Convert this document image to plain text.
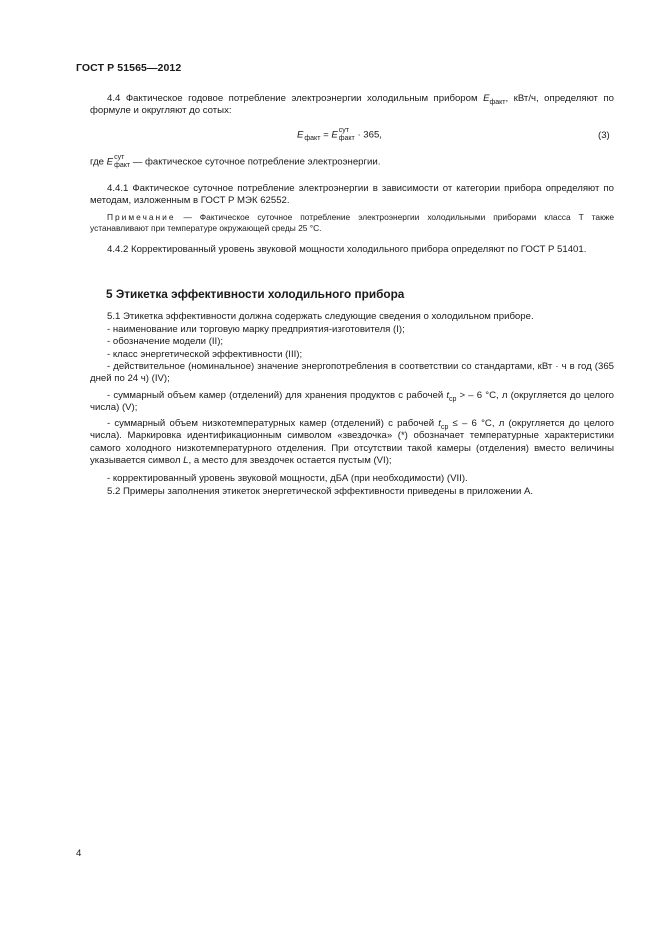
ГОСТ Р 51565—2012

4.4 Фактическое годовое потребление электроэнергии холодильным прибором $E_{факт}$, кВт/ч, определяют по формуле и округляют до сотых:

E
факт = E сут
факт · 365,	(3)

где E сут
факт — фактическое суточное потребление электроэнергии.

4.4.1 Фактическое суточное потребление электроэнергии в зависимости от категории прибора определяют по методам, изложенным в ГОСТ Р МЭК 62552.

Примечание — Фактическое суточное потребление электроэнергии холодильными приборами класса Т также устанавливают при температуре окружающей среды 25 °С.

4.4.2 Корректированный уровень звуковой мощности холодильного прибора определяют по ГОСТ Р 51401.

5 Этикетка эффективности холодильного прибора

5.1 Этикетка эффективности должна содержать следующие сведения о холодильном приборе.

- наименование или торговую марку предприятия-изготовителя (I);

- обозначение модели (II);

- класс энергетической эффективности (III);

- действительное (номинальное) значение энергопотребления в соответствии со стандартами, кВт · ч в год (365 дней по 24 ч) (IV);

- суммарный объем камер (отделений) для хранения продуктов с рабочей $t_{ср}$ > – 6 °С, л (округляется до целого числа) (V);

- суммарный объем низкотемпературных камер (отделений) с рабочей $t_{ср}$ ≤ – 6 °С, л (округляется до целого числа). Маркировка идентификационным символом «звездочка» (*) обозначает температурные характеристики самого холодного низкотемпературного отделения. При отсутствии такой камеры (отделения) вместо величины указывается символ L, а место для звездочек остается пустым (VI);

- корректированный уровень звуковой мощности, дБА (при необходимости) (VII).

5.2 Примеры заполнения этикеток энергетической эффективности приведены в приложении А.

4
